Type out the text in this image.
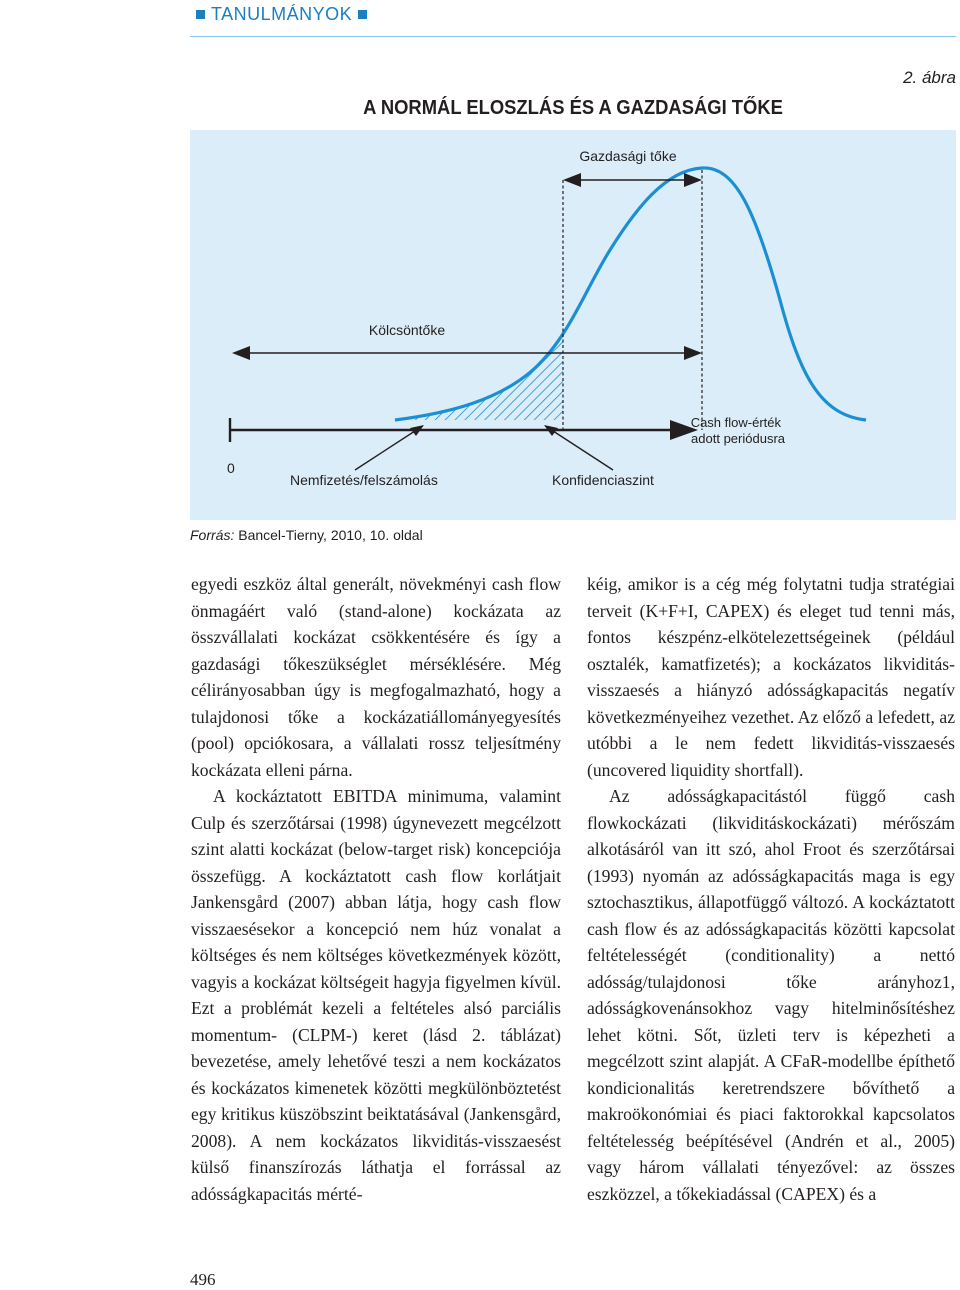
TANULMÁNYOK
2. ábra
A NORMÁL ELOSZLÁS ÉS A GAZDASÁGI TŐKE
Gazdasági tőke
Kölcsöntőke
Cash flow-érték
adott periódusra
0
Nemfizetés/felszámolás	Konfidenciaszint
Forrás: Bancel-Tierny, 2010, 10. oldal

egyedi eszköz által generált, növekményi cash flow önmagáért való (stand-alone) kockázata az összvállalati kockázat csökkentésére és így a gazdasági tőkeszükséglet mérséklésére. Még célirányosabban úgy is megfogalmazható, hogy a tulajdonosi tőke a kockázatiállományegyesítés (pool) opciókosara, a vállalati rossz teljesítmény kockázata elleni párna.

A kockáztatott EBITDA minimuma, valamint Culp és szerzőtársai (1998) úgynevezett megcélzott szint alatti kockázat (below-target risk) koncepciója összefügg. A kockáztatott cash flow korlátjait Jankensgård (2007) abban látja, hogy cash flow visszaesésekor a koncepció nem húz vonalat a költséges és nem költséges következmények között, vagyis a kockázat költségeit hagyja figyelmen kívül. Ezt a problémát kezeli a feltételes alsó parciális momentum- (CLPM-) keret (lásd 2. táblázat) bevezetése, amely lehetővé teszi a nem kockázatos és kockázatos kimenetek közötti megkülönböztetést egy kritikus küszöbszint beiktatásával (Jankensgård, 2008). A nem kockázatos likviditás-visszaesést külső finanszírozás láthatja el forrással az adósságkapacitás mérté-

kéig, amikor is a cég még folytatni tudja stratégiai terveit (K+F+I, CAPEX) és eleget tud tenni más, fontos készpénz-elkötelezettségeinek (például osztalék, kamatfizetés); a kockázatos likviditás-visszaesés a hiányzó adósságkapacitás negatív következményeihez vezethet. Az előző a lefedett, az utóbbi a le nem fedett likviditás-visszaesés (uncovered liquidity shortfall).

Az adósságkapacitástól függő cash flowkockázati (likviditáskockázati) mérőszám alkotásáról van itt szó, ahol Froot és szerzőtársai (1993) nyomán az adósságkapacitás maga is egy sztochasztikus, állapotfüggő változó. A kockáztatott cash flow és az adósságkapacitás közötti kapcsolat feltételességét (conditionality) a nettó adósság/tulajdonosi tőke arányhoz1, adósságkovenánsokhoz vagy hitelminősítéshez lehet kötni. Sőt, üzleti terv is képezheti a megcélzott szint alapját. A CFaR-modellbe építhető kondicionalitás keretrendszere bővíthető a makroökonómiai és piaci faktorokkal kapcsolatos feltételesség beépítésével (Andrén et al., 2005) vagy három vállalati tényezővel: az összes eszközzel, a tőkekiadással (CAPEX) és a

496
